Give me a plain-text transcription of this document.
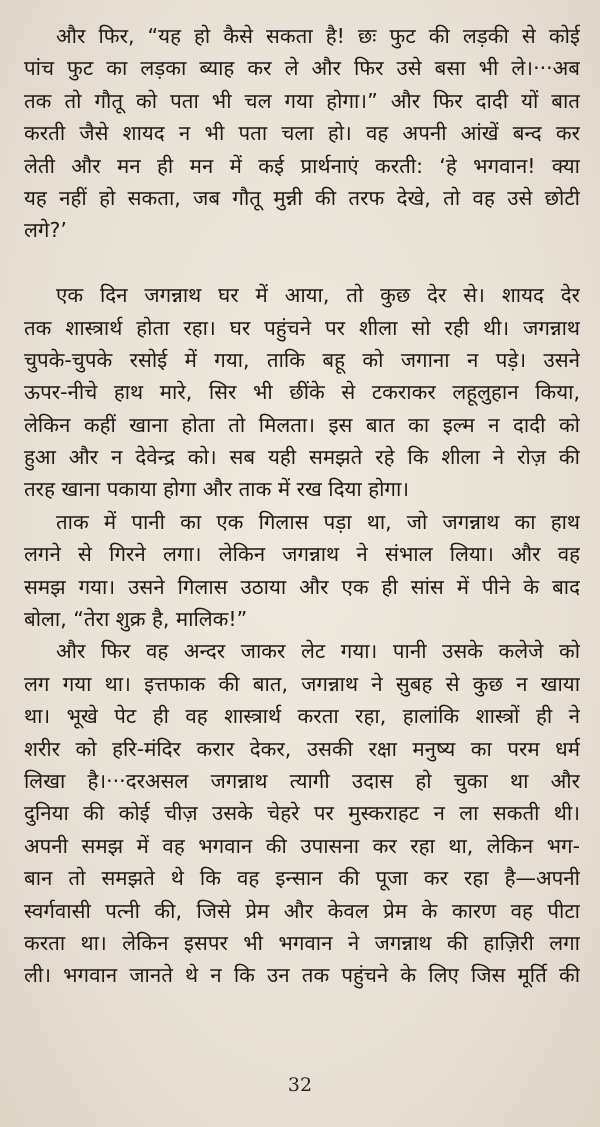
और फिर, “यह हो कैसे सकता है! छः फुट की लड़की से कोई
पांच फुट का लड़का ब्याह कर ले और फिर उसे बसा भी ले।···अब
तक तो गौतू को पता भी चल गया होगा।” और फिर दादी यों बात
करती जैसे शायद न भी पता चला हो। वह अपनी आंखें बन्द कर
लेती और मन ही मन में कई प्रार्थनाएं करती: ‘हे भगवान! क्या
यह नहीं हो सकता, जब गौतू मुन्नी की तरफ देखे, तो वह उसे छोटी
लगे?’
एक दिन जगन्नाथ घर में आया, तो कुछ देर से। शायद देर
तक शास्त्रार्थ होता रहा। घर पहुंचने पर शीला सो रही थी। जगन्नाथ
चुपके-चुपके रसोई में गया, ताकि बहू को जगाना न पड़े। उसने
ऊपर-नीचे हाथ मारे, सिर भी छींके से टकराकर लहूलुहान किया,
लेकिन कहीं खाना होता तो मिलता। इस बात का इल्म न दादी को
हुआ और न देवेन्द्र को। सब यही समझते रहे कि शीला ने रोज़ की
तरह खाना पकाया होगा और ताक में रख दिया होगा।
ताक में पानी का एक गिलास पड़ा था, जो जगन्नाथ का हाथ
लगने से गिरने लगा। लेकिन जगन्नाथ ने संभाल लिया। और वह
समझ गया। उसने गिलास उठाया और एक ही सांस में पीने के बाद
बोला, “तेरा शुक्र है, मालिक!”
और फिर वह अन्दर जाकर लेट गया। पानी उसके कलेजे को
लग गया था। इत्तफाक की बात, जगन्नाथ ने सुबह से कुछ न खाया
था। भूखे पेट ही वह शास्त्रार्थ करता रहा, हालांकि शास्त्रों ही ने
शरीर को हरि-मंदिर करार देकर, उसकी रक्षा मनुष्य का परम धर्म
लिखा है।···दरअसल जगन्नाथ त्यागी उदास हो चुका था और
दुनिया की कोई चीज़ उसके चेहरे पर मुस्कराहट न ला सकती थी।
अपनी समझ में वह भगवान की उपासना कर रहा था, लेकिन भग-
बान तो समझते थे कि वह इन्सान की पूजा कर रहा है—अपनी
स्वर्गवासी पत्नी की, जिसे प्रेम और केवल प्रेम के कारण वह पीटा
करता था। लेकिन इसपर भी भगवान ने जगन्नाथ की हाज़िरी लगा
ली। भगवान जानते थे न कि उन तक पहुंचने के लिए जिस मूर्ति की
32
